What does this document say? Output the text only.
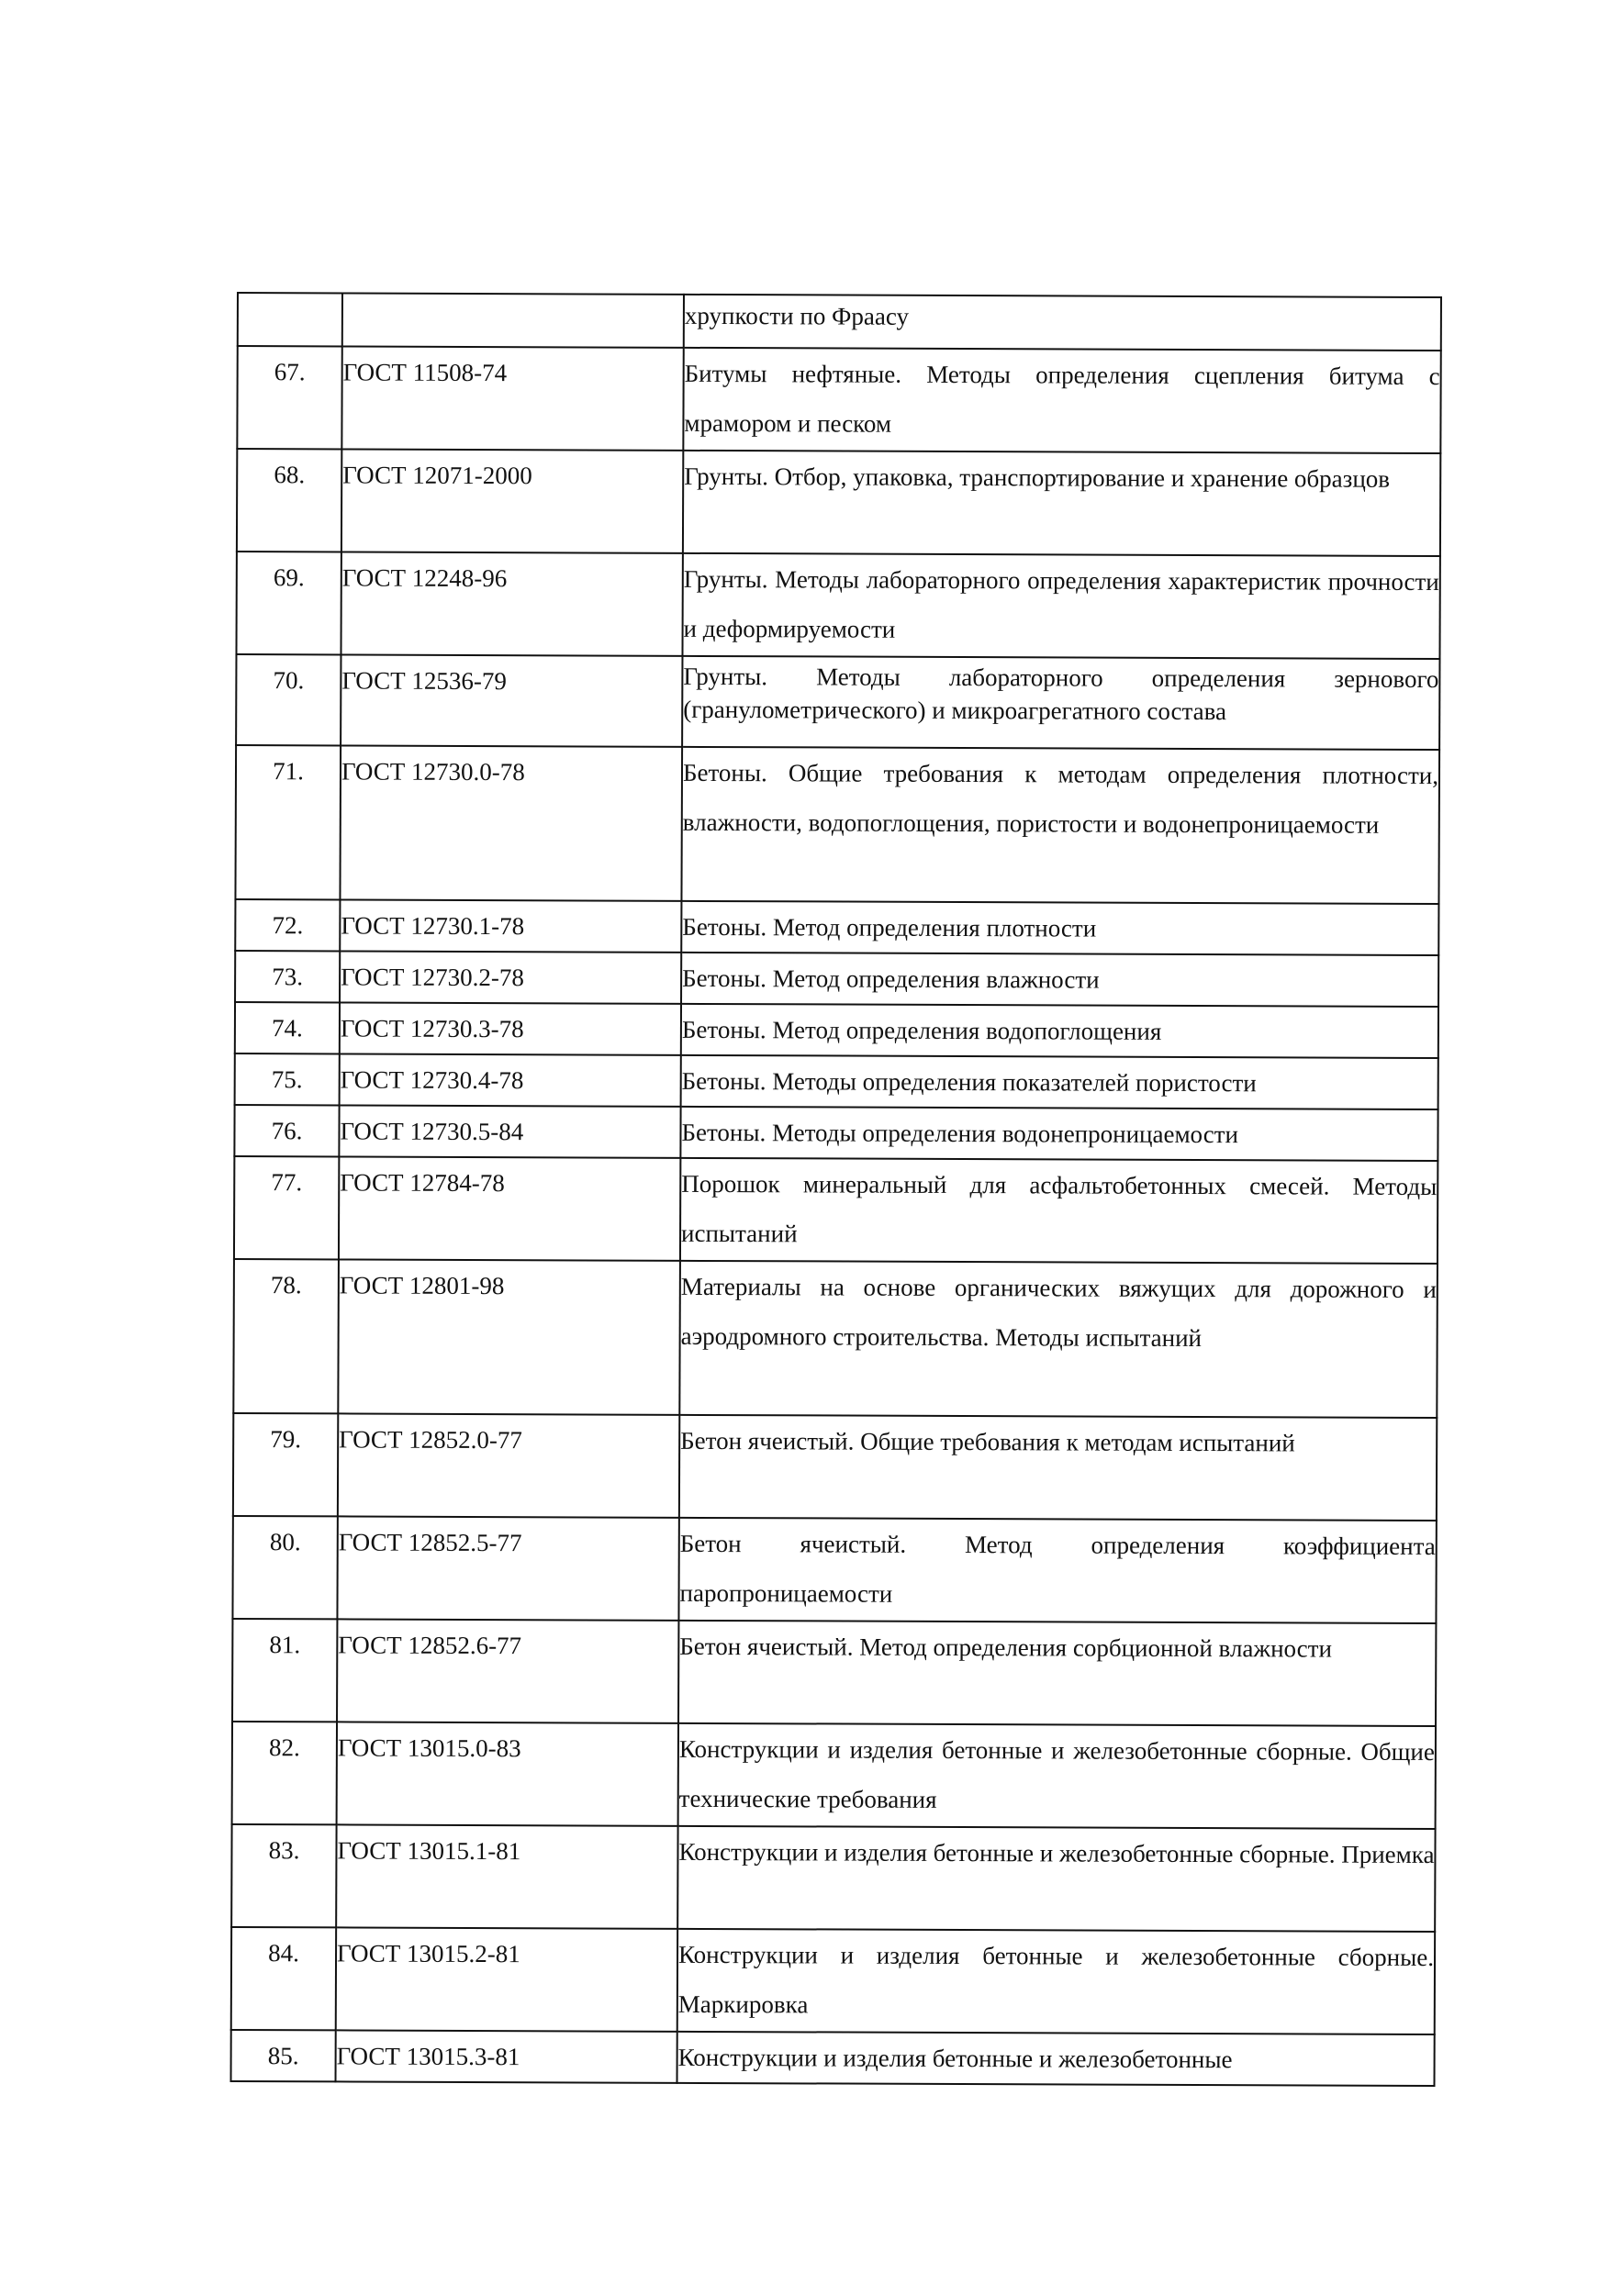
		хрупкости по Фраасу
67.	ГОСТ 11508-74	Битумы нефтяные. Методы определения сцепления битума с мрамором и песком
68.	ГОСТ 12071-2000	Грунты. Отбор, упаковка, транспортирование и хранение образцов
69.	ГОСТ 12248-96	Грунты. Методы лабораторного определения характеристик прочности и деформируемости
70.	ГОСТ 12536-79	Грунты. Методы лабораторного определения зернового (гранулометрического) и микроагрегатного состава
71.	ГОСТ 12730.0-78	Бетоны. Общие требования к методам определения плотности, влажности, водопоглощения, пористости и водонепроницаемости
72.	ГОСТ 12730.1-78	Бетоны. Метод определения плотности
73.	ГОСТ 12730.2-78	Бетоны. Метод определения влажности
74.	ГОСТ 12730.3-78	Бетоны. Метод определения водопоглощения
75.	ГОСТ 12730.4-78	Бетоны. Методы определения показателей пористости
76.	ГОСТ 12730.5-84	Бетоны. Методы определения водонепроницаемости
77.	ГОСТ 12784-78	Порошок минеральный для асфальтобетонных смесей. Методы испытаний
78.	ГОСТ 12801-98	Материалы на основе органических вяжущих для дорожного и аэродромного строительства. Методы испытаний
79.	ГОСТ 12852.0-77	Бетон ячеистый. Общие требования к методам испытаний
80.	ГОСТ 12852.5-77	Бетон ячеистый. Метод определения коэффициента паропроницаемости
81.	ГОСТ 12852.6-77	Бетон ячеистый. Метод определения сорбционной влажности
82.	ГОСТ 13015.0-83	Конструкции и изделия бетонные и железобетонные сборные. Общие технические требования
83.	ГОСТ 13015.1-81	Конструкции и изделия бетонные и железобетонные сборные. Приемка
84.	ГОСТ 13015.2-81	Конструкции и изделия бетонные и железобетонные сборные. Маркировка
85.	ГОСТ 13015.3-81	Конструкции и изделия бетонные и железобетонные
